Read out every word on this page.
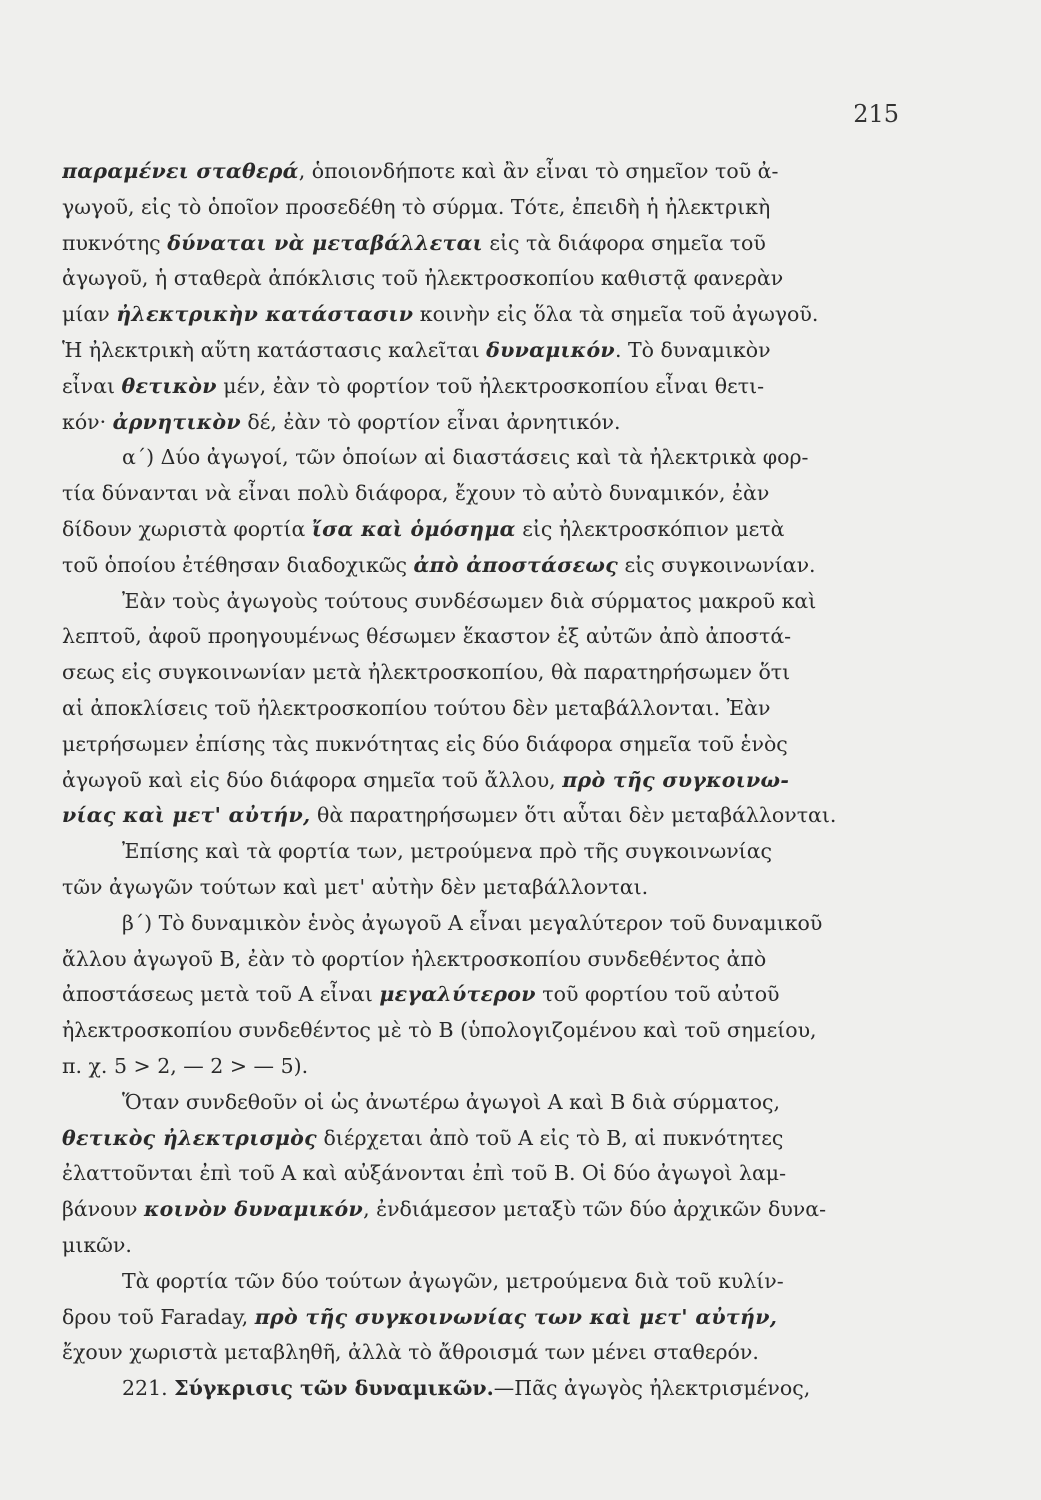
215
παραμένει σταθερά, ὁποιονδήποτε καὶ ἂν εἶναι τὸ σημεῖον τοῦ ἀ-
γωγοῦ, εἰς τὸ ὁποῖον προσεδέθη τὸ σύρμα. Τότε, ἐπειδὴ ἡ ἠλεκτρικὴ
πυκνότης δύναται νὰ μεταβάλλεται εἰς τὰ διάφορα σημεῖα τοῦ
ἀγωγοῦ, ἡ σταθερὰ ἀπόκλισις τοῦ ἠλεκτροσκοπίου καθιστᾷ φανερὰν
μίαν ἠλεκτρικὴν κατάστασιν κοινὴν εἰς ὅλα τὰ σημεῖα τοῦ ἀγωγοῦ.
Ἡ ἠλεκτρικὴ αὕτη κατάστασις καλεῖται δυναμικόν. Τὸ δυναμικὸν
εἶναι θετικὸν μέν, ἐὰν τὸ φορτίον τοῦ ἠλεκτροσκοπίου εἶναι θετι-
κόν· ἀρνητικὸν δέ, ἐὰν τὸ φορτίον εἶναι ἀρνητικόν.
α΄) Δύο ἀγωγοί, τῶν ὁποίων αἱ διαστάσεις καὶ τὰ ἠλεκτρικὰ φορ-
τία δύνανται νὰ εἶναι πολὺ διάφορα, ἔχουν τὸ αὐτὸ δυναμικόν, ἐὰν
δίδουν χωριστὰ φορτία ἴσα καὶ ὁμόσημα εἰς ἠλεκτροσκόπιον μετὰ
τοῦ ὁποίου ἐτέθησαν διαδοχικῶς ἀπὸ ἀποστάσεως εἰς συγκοινωνίαν.
Ἐὰν τοὺς ἀγωγοὺς τούτους συνδέσωμεν διὰ σύρματος μακροῦ καὶ
λεπτοῦ, ἀφοῦ προηγουμένως θέσωμεν ἕκαστον ἐξ αὐτῶν ἀπὸ ἀποστά-
σεως εἰς συγκοινωνίαν μετὰ ἠλεκτροσκοπίου, θὰ παρατηρήσωμεν ὅτι
αἱ ἀποκλίσεις τοῦ ἠλεκτροσκοπίου τούτου δὲν μεταβάλλονται. Ἐὰν
μετρήσωμεν ἐπίσης τὰς πυκνότητας εἰς δύο διάφορα σημεῖα τοῦ ἑνὸς
ἀγωγοῦ καὶ εἰς δύο διάφορα σημεῖα τοῦ ἄλλου, πρὸ τῆς συγκοινω-
νίας καὶ μετ' αὐτήν, θὰ παρατηρήσωμεν ὅτι αὗται δὲν μεταβάλλονται.
Ἐπίσης καὶ τὰ φορτία των, μετρούμενα πρὸ τῆς συγκοινωνίας
τῶν ἀγωγῶν τούτων καὶ μετ' αὐτὴν δὲν μεταβάλλονται.
β΄) Τὸ δυναμικὸν ἑνὸς ἀγωγοῦ Α εἶναι μεγαλύτερον τοῦ δυναμικοῦ
ἄλλου ἀγωγοῦ Β, ἐὰν τὸ φορτίον ἠλεκτροσκοπίου συνδεθέντος ἀπὸ
ἀποστάσεως μετὰ τοῦ Α εἶναι μεγαλύτερον τοῦ φορτίου τοῦ αὐτοῦ
ἠλεκτροσκοπίου συνδεθέντος μὲ τὸ Β (ὑπολογιζομένου καὶ τοῦ σημείου,
π. χ. 5 > 2, — 2 > — 5).
Ὅταν συνδεθοῦν οἱ ὡς ἀνωτέρω ἀγωγοὶ Α καὶ Β διὰ σύρματος,
θετικὸς ἠλεκτρισμὸς διέρχεται ἀπὸ τοῦ Α εἰς τὸ Β, αἱ πυκνότητες
ἐλαττοῦνται ἐπὶ τοῦ Α καὶ αὐξάνονται ἐπὶ τοῦ Β. Οἱ δύο ἀγωγοὶ λαμ-
βάνουν κοινὸν δυναμικόν, ἐνδιάμεσον μεταξὺ τῶν δύο ἀρχικῶν δυνα-
μικῶν.
Τὰ φορτία τῶν δύο τούτων ἀγωγῶν, μετρούμενα διὰ τοῦ κυλίν-
δρου τοῦ Faraday, πρὸ τῆς συγκοινωνίας των καὶ μετ' αὐτήν,
ἔχουν χωριστὰ μεταβληθῆ, ἀλλὰ τὸ ἄθροισμά των μένει σταθερόν.
221. Σύγκρισις τῶν δυναμικῶν.—Πᾶς ἀγωγὸς ἠλεκτρισμένος,
